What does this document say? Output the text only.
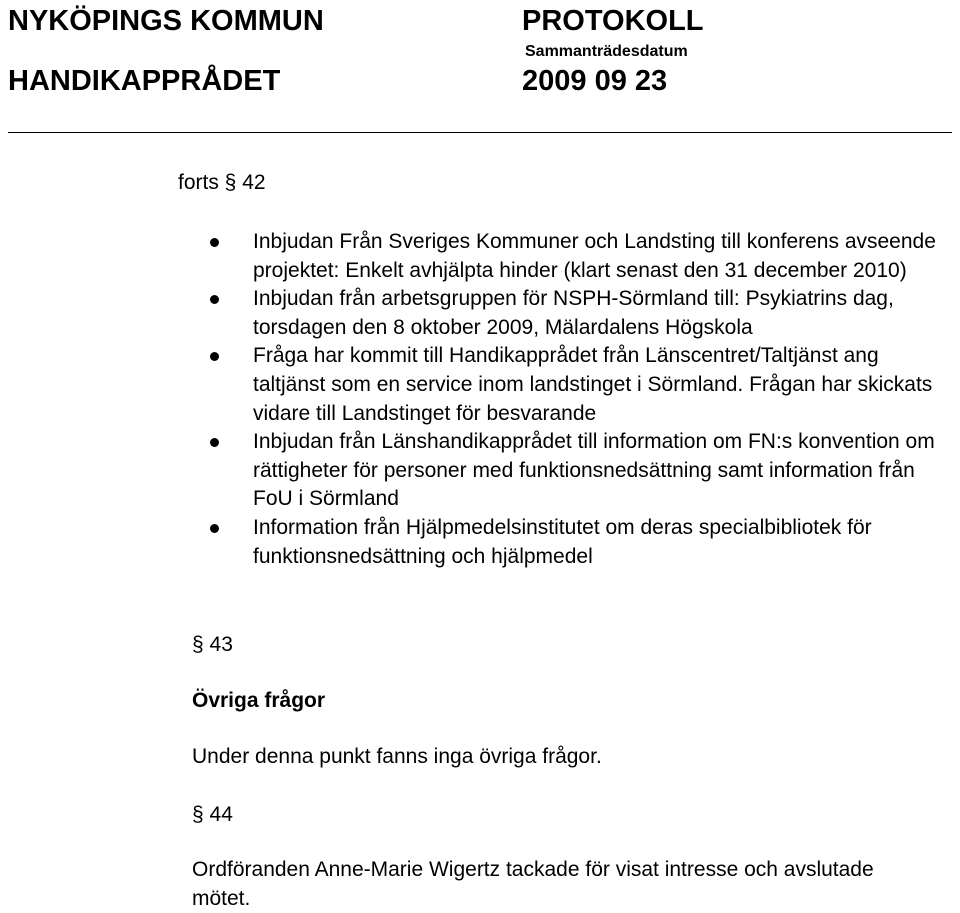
NYKÖPINGS KOMMUN
HANDIKAPPRÅDET
PROTOKOLL
Sammanträdesdatum
2009 09 23
forts § 42
Inbjudan Från Sveriges Kommuner och Landsting till konferens avseende projektet: Enkelt avhjälpta hinder (klart senast den 31 december 2010)
Inbjudan från arbetsgruppen för NSPH-Sörmland till: Psykiatrins dag, torsdagen den 8 oktober 2009, Mälardalens Högskola
Fråga har kommit till Handikapprådet från Länscentret/Taltjänst ang taltjänst som en service inom landstinget i Sörmland. Frågan har skickats vidare till Landstinget för besvarande
Inbjudan från Länshandikapprådet till information om FN:s konvention om rättigheter för personer med funktionsnedsättning samt information från FoU i Sörmland
Information från Hjälpmedelsinstitutet om deras specialbibliotek för funktionsnedsättning och hjälpmedel
§ 43
Övriga frågor
Under denna punkt fanns inga övriga frågor.
§ 44
Ordföranden Anne-Marie Wigertz tackade för visat intresse och avslutade mötet.
